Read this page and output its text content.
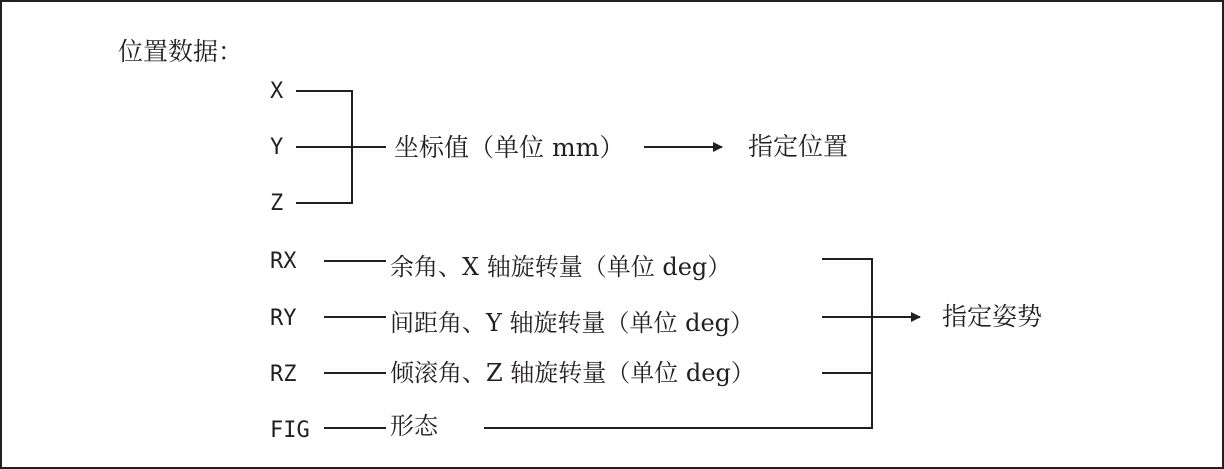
位置数据：
X
Y
Z
坐标值（单位 mm）	指定位置
RX
RY
RZ
FIG
余角、X 轴旋转量（单位 deg）
间距角、Y 轴旋转量（单位 deg）
倾滚角、Z 轴旋转量（单位 deg）
形态
指定姿势
